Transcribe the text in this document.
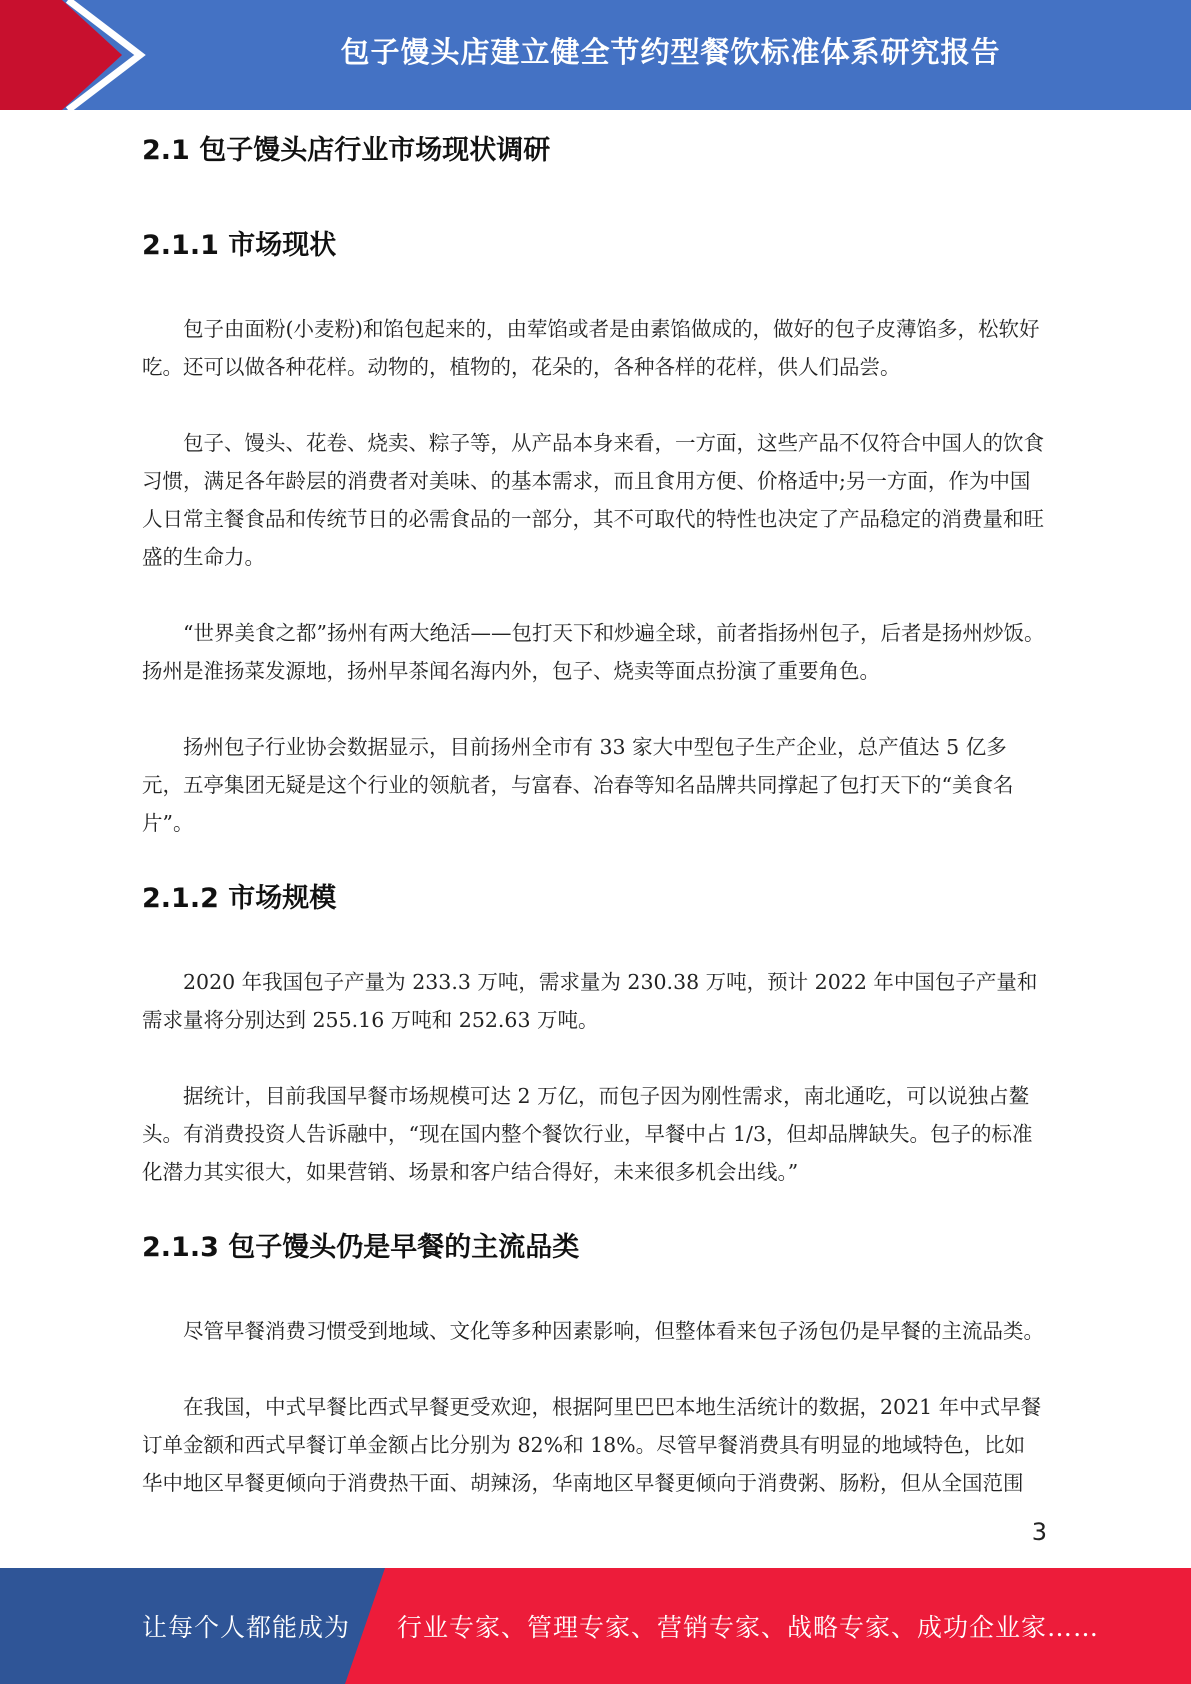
包子馒头店建立健全节约型餐饮标准体系研究报告
2.1 包子馒头店行业市场现状调研
2.1.1 市场现状

包子由面粉(小麦粉)和馅包起来的，由荤馅或者是由素馅做成的，做好的包子皮薄馅多，松软好吃。还可以做各种花样。动物的，植物的，花朵的，各种各样的花样，供人们品尝。

包子、馒头、花卷、烧卖、粽子等，从产品本身来看，一方面，这些产品不仅符合中国人的饮食习惯，满足各年龄层的消费者对美味、的基本需求，而且食用方便、价格适中;另一方面，作为中国人日常主餐食品和传统节日的必需食品的一部分，其不可取代的特性也决定了产品稳定的消费量和旺盛的生命力。

“世界美食之都”扬州有两大绝活——包打天下和炒遍全球，前者指扬州包子，后者是扬州炒饭。扬州是淮扬菜发源地，扬州早茶闻名海内外，包子、烧卖等面点扮演了重要角色。

扬州包子行业协会数据显示，目前扬州全市有 33 家大中型包子生产企业，总产值达 5 亿多元，五亭集团无疑是这个行业的领航者，与富春、冶春等知名品牌共同撑起了包打天下的“美食名片”。

2.1.2 市场规模

2020 年我国包子产量为 233.3 万吨，需求量为 230.38 万吨，预计 2022 年中国包子产量和需求量将分别达到 255.16 万吨和 252.63 万吨。

据统计，目前我国早餐市场规模可达 2 万亿，而包子因为刚性需求，南北通吃，可以说独占鳌头。有消费投资人告诉融中，“现在国内整个餐饮行业，早餐中占 1/3，但却品牌缺失。包子的标准化潜力其实很大，如果营销、场景和客户结合得好，未来很多机会出线。”

2.1.3 包子馒头仍是早餐的主流品类

尽管早餐消费习惯受到地域、文化等多种因素影响，但整体看来包子汤包仍是早餐的主流品类。

在我国，中式早餐比西式早餐更受欢迎，根据阿里巴巴本地生活统计的数据，2021 年中式早餐订单金额和西式早餐订单金额占比分别为 82%和 18%。尽管早餐消费具有明显的地域特色，比如华中地区早餐更倾向于消费热干面、胡辣汤，华南地区早餐更倾向于消费粥、肠粉，但从全国范围

3
让每个人都能成为 行业专家、管理专家、营销专家、战略专家、成功企业家……
